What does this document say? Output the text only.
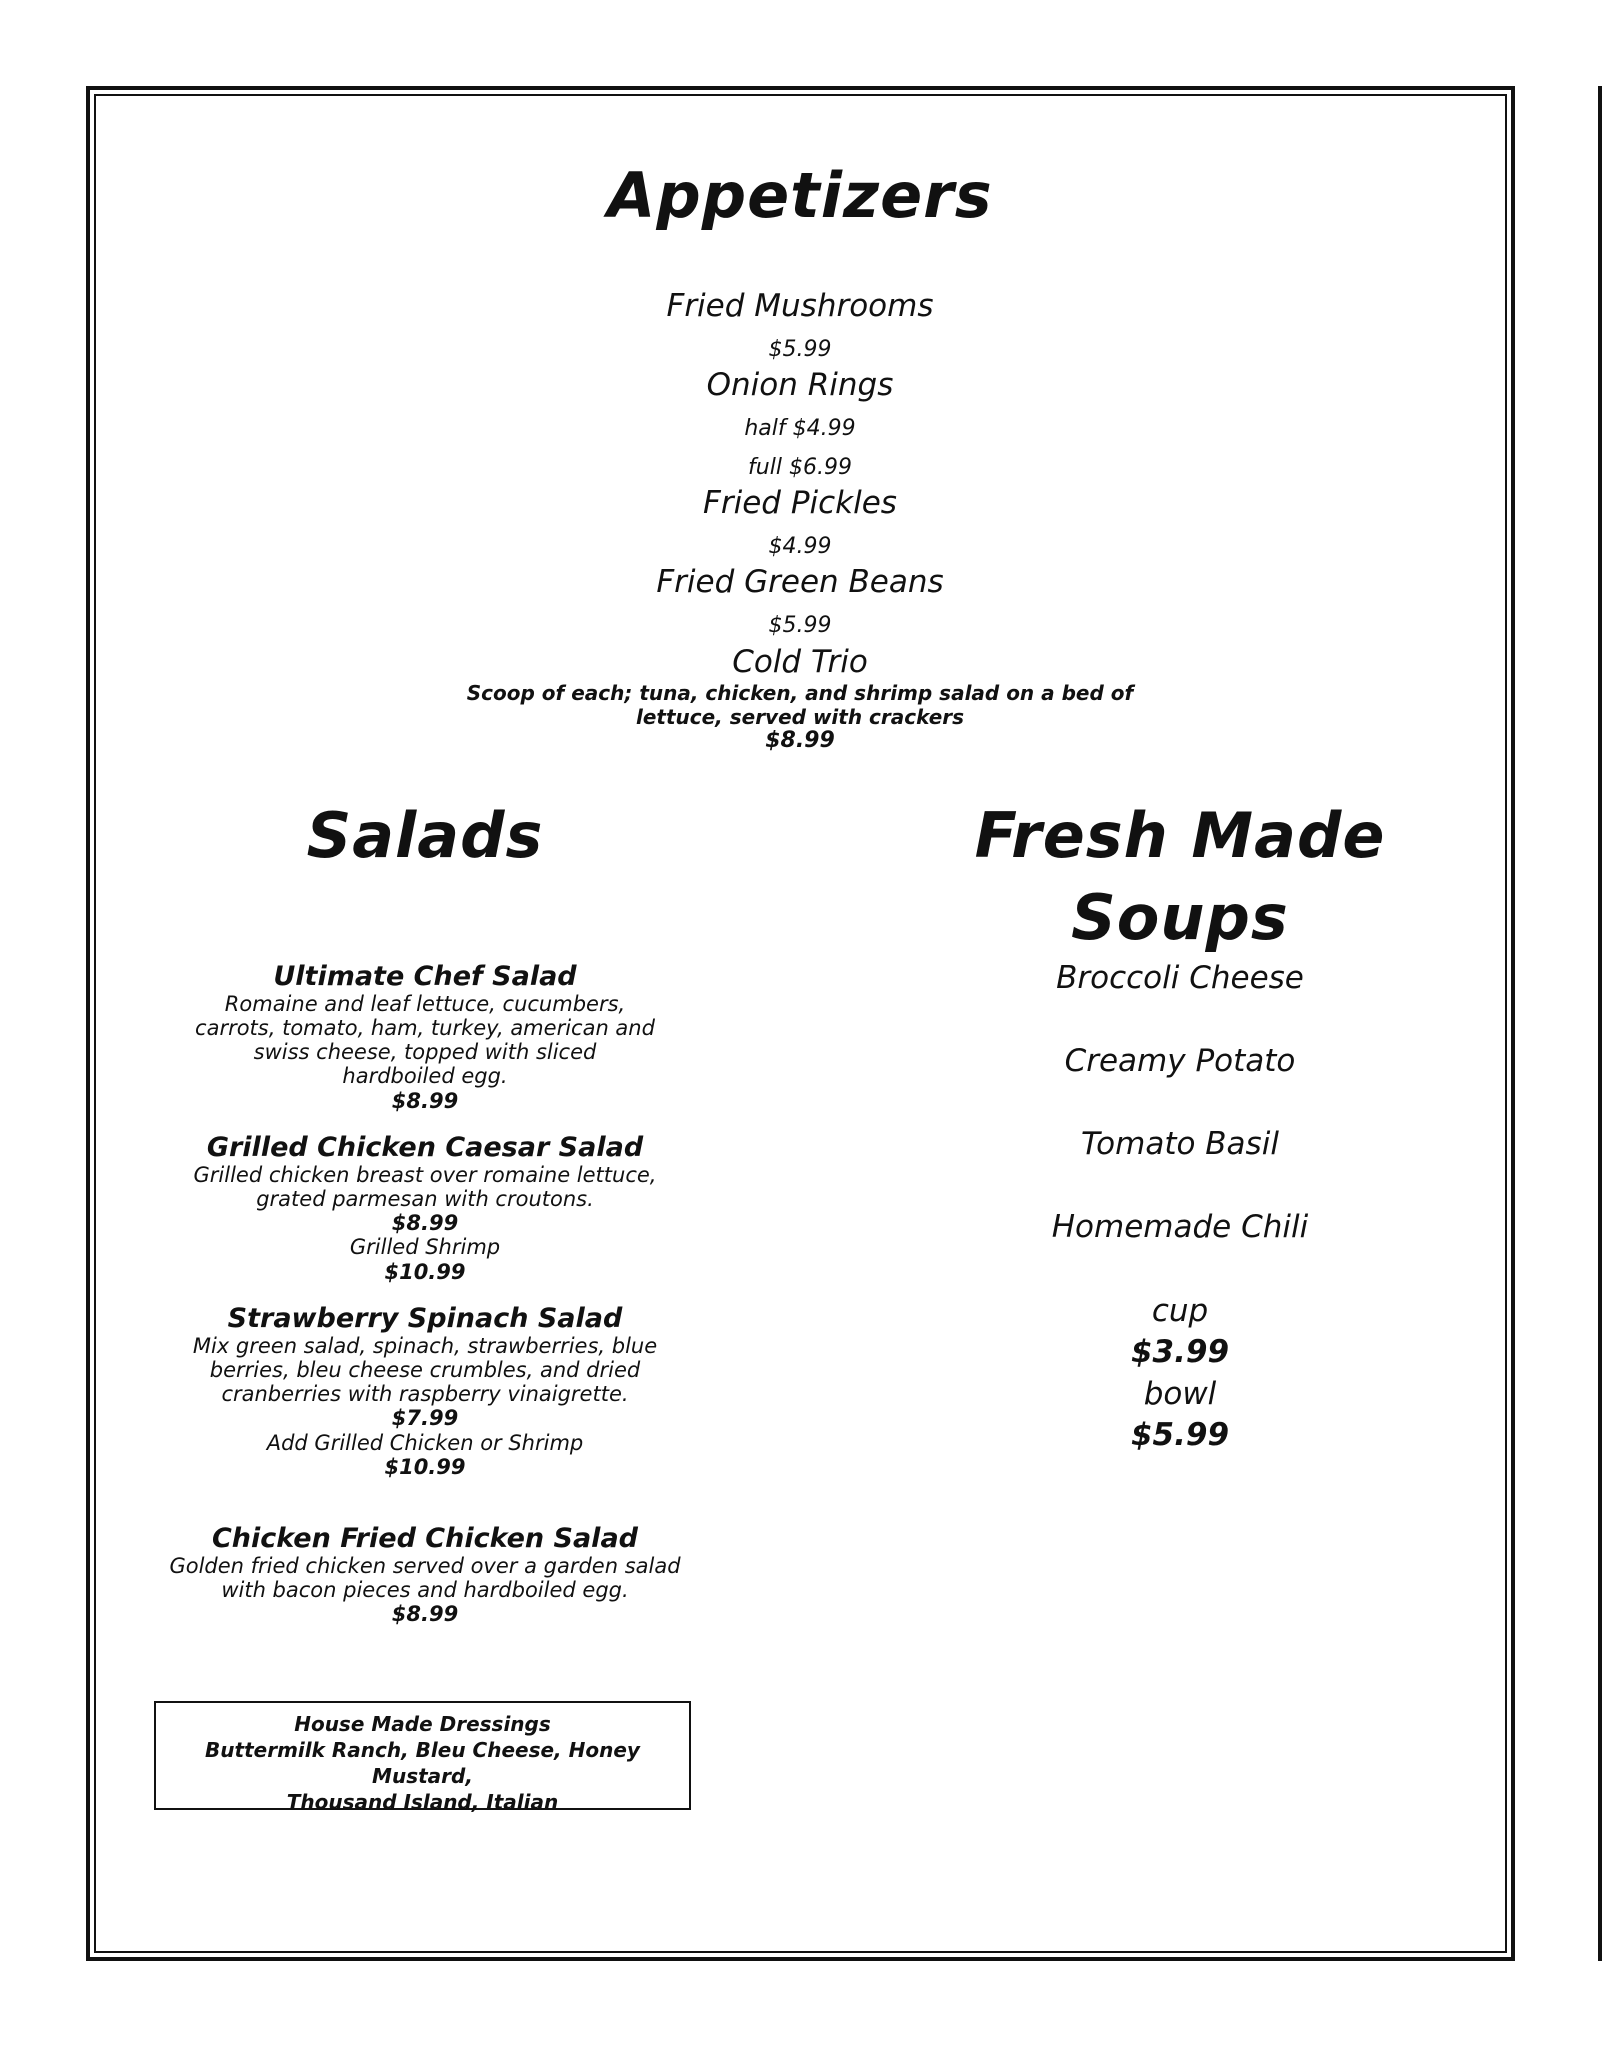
Appetizers
Fried Mushrooms
$5.99
Onion Rings
half $4.99
full $6.99
Fried Pickles
$4.99
Fried Green Beans
$5.99
Cold Trio
Scoop of each; tuna, chicken, and shrimp salad on a bed of
lettuce, served with crackers
$8.99
Salads
Ultimate Chef Salad
Romaine and leaf lettuce, cucumbers,
carrots, tomato, ham, turkey, american and
swiss cheese, topped with sliced
hardboiled egg.
$8.99
Grilled Chicken Caesar Salad
Grilled chicken breast over romaine lettuce,
grated parmesan with croutons.
$8.99
Grilled Shrimp
$10.99
Strawberry Spinach Salad
Mix green salad, spinach, strawberries, blue
berries, bleu cheese crumbles, and dried
cranberries with raspberry vinaigrette.
$7.99
Add Grilled Chicken or Shrimp
$10.99
Chicken Fried Chicken Salad
Golden fried chicken served over a garden salad
with bacon pieces and hardboiled egg.
$8.99
House Made Dressings
Buttermilk Ranch, Bleu Cheese, Honey Mustard,
Thousand Island, Italian
Fresh Made
Soups
Broccoli Cheese
Creamy Potato
Tomato Basil
Homemade Chili
cup
$3.99
bowl
$5.99
